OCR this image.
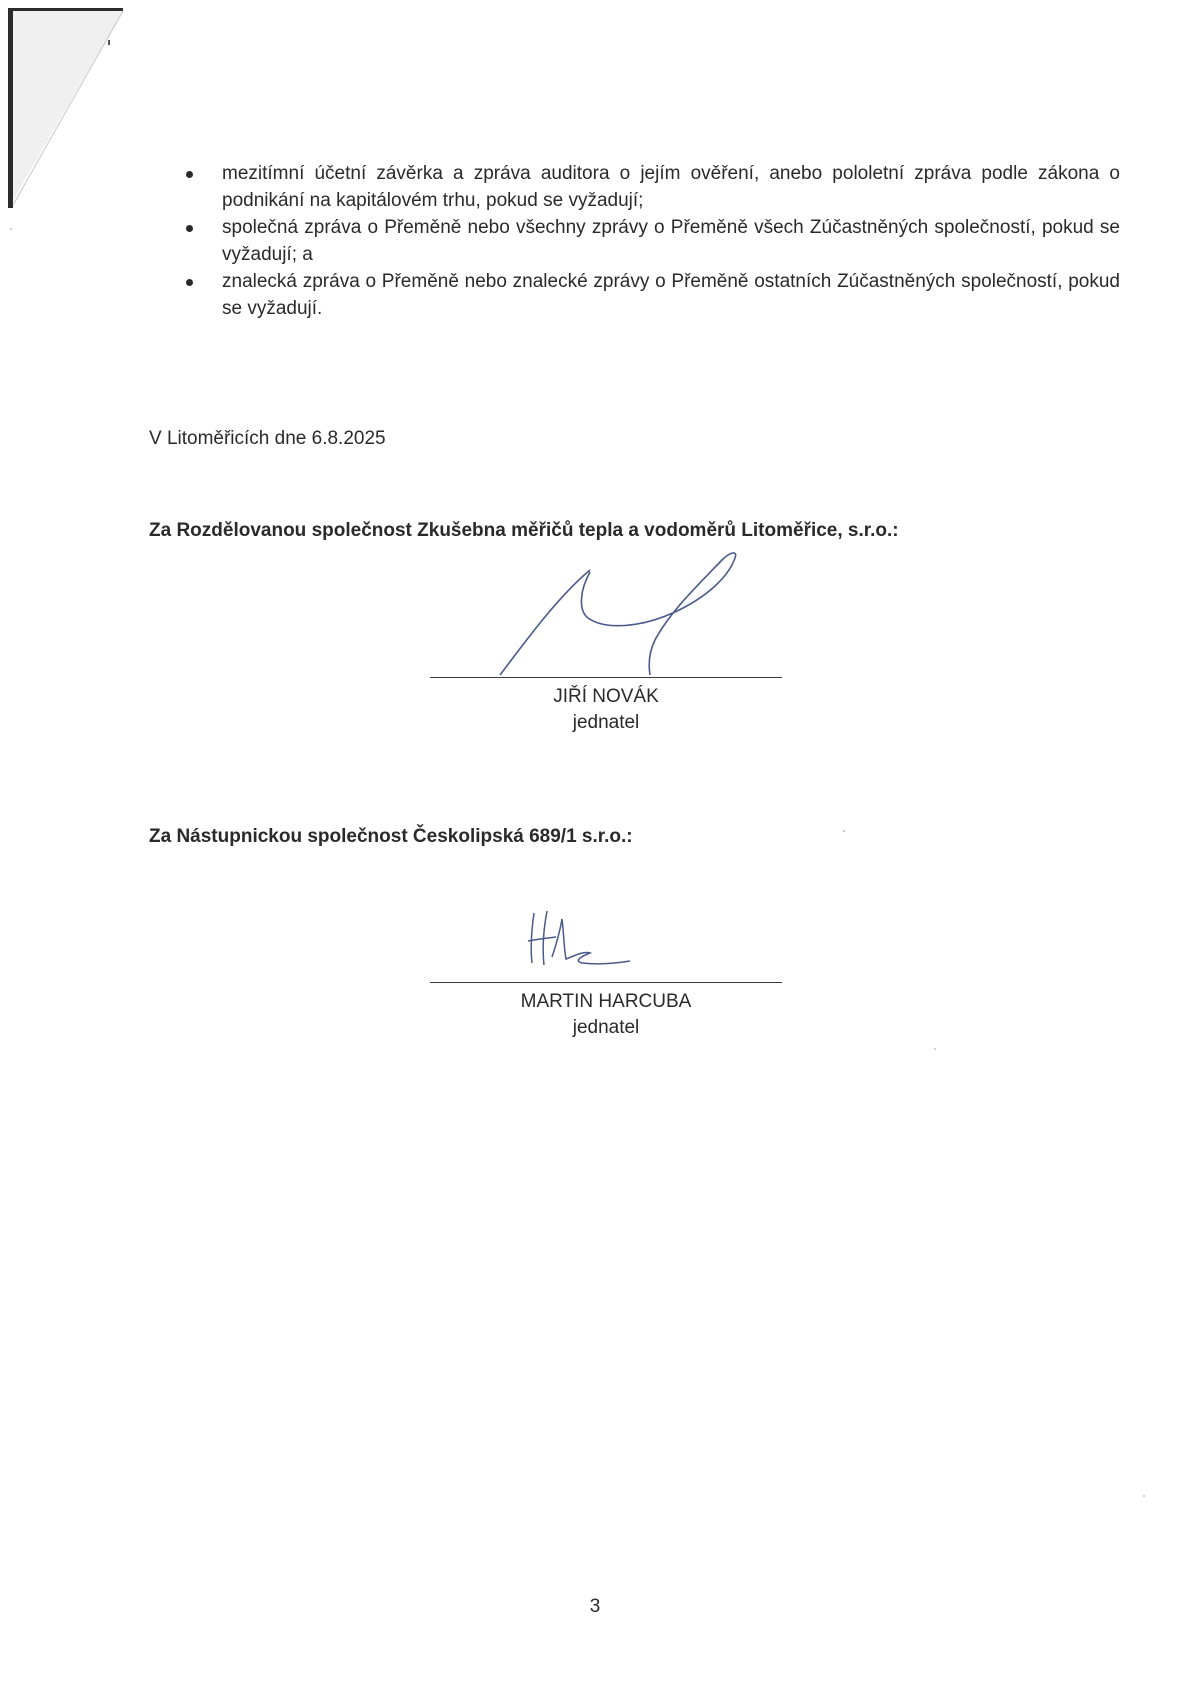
mezitímní účetní závěrka a zpráva auditora o jejím ověření, anebo pololetní zpráva podle zákona o podnikání na kapitálovém trhu, pokud se vyžadují;
společná zpráva o Přeměně nebo všechny zprávy o Přeměně všech Zúčastněných společností, pokud se vyžadují; a
znalecká zpráva o Přeměně nebo znalecké zprávy o Přeměně ostatních Zúčastněných společností, pokud se vyžadují.
V Litoměřicích dne 6.8.2025
Za Rozdělovanou společnost Zkušebna měřičů tepla a vodoměrů Litoměřice, s.r.o.:
JIŘÍ NOVÁK
jednatel
Za Nástupnickou společnost Českolipská 689/1 s.r.o.:
MARTIN HARCUBA
jednatel
3
